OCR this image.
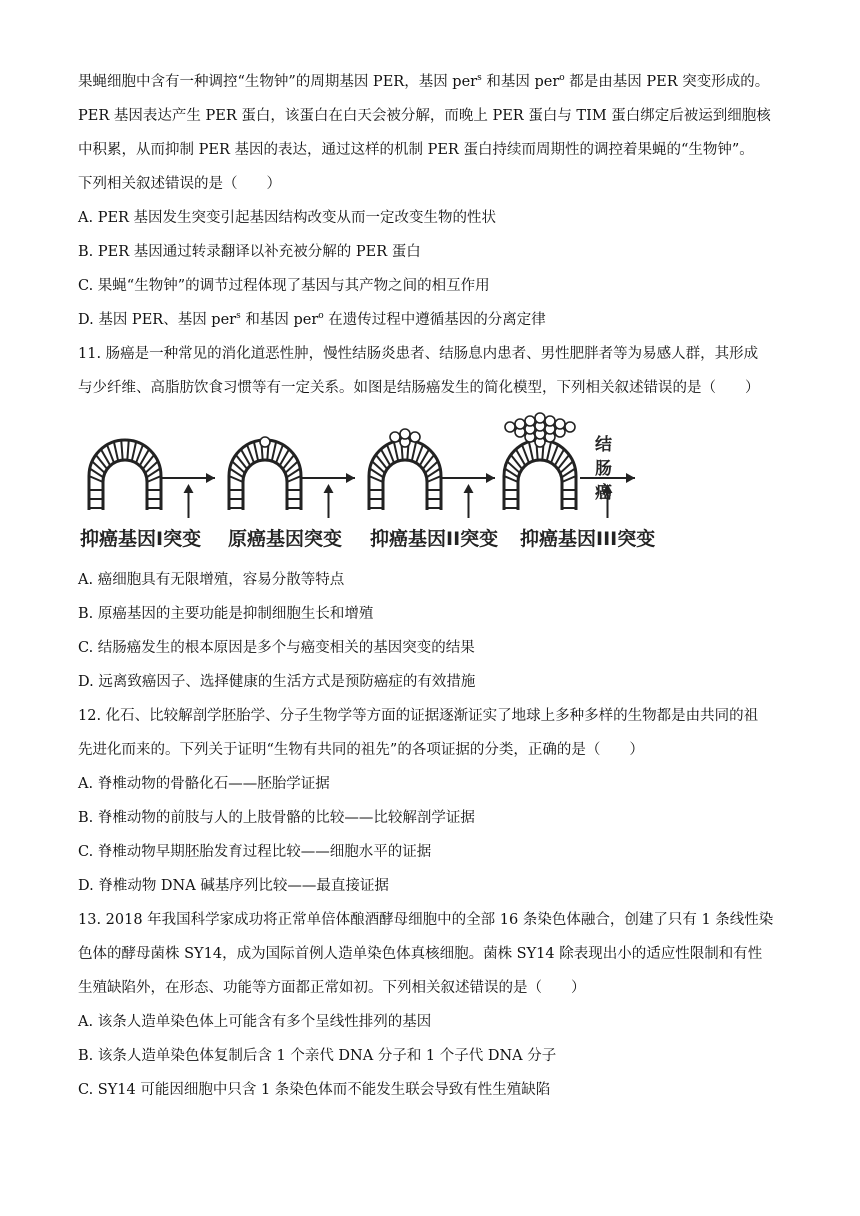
果蝇细胞中含有一种调控“生物钟”的周期基因 PER，基因 per$^s$ 和基因 per$^o$ 都是由基因 PER 突变形成的。
PER 基因表达产生 PER 蛋白，该蛋白在白天会被分解，而晚上 PER 蛋白与 TIM 蛋白绑定后被运到细胞核
中积累，从而抑制 PER 基因的表达，通过这样的机制 PER 蛋白持续而周期性的调控着果蝇的“生物钟”。
下列相关叙述错误的是（　　）
A. PER 基因发生突变引起基因结构改变从而一定改变生物的性状
B. PER 基因通过转录翻译以补充被分解的 PER 蛋白
C. 果蝇“生物钟”的调节过程体现了基因与其产物之间的相互作用
D. 基因 PER、基因 per$^s$ 和基因 per$^o$ 在遗传过程中遵循基因的分离定律
11. 肠癌是一种常见的消化道恶性肿，慢性结肠炎患者、结肠息内患者、男性肥胖者等为易感人群，其形成
与少纤维、高脂肪饮食习惯等有一定关系。如图是结肠癌发生的简化模型，下列相关叙述错误的是（　　）
结
肠
癌
抑癌基因I突变 原癌基因突变 抑癌基因II突变 抑癌基因III突变
A. 癌细胞具有无限增殖，容易分散等特点
B. 原癌基因的主要功能是抑制细胞生长和增殖
C. 结肠癌发生的根本原因是多个与癌变相关的基因突变的结果
D. 远离致癌因子、选择健康的生活方式是预防癌症的有效措施
12. 化石、比较解剖学胚胎学、分子生物学等方面的证据逐渐证实了地球上多种多样的生物都是由共同的祖
先进化而来的。下列关于证明“生物有共同的祖先”的各项证据的分类，正确的是（　　）
A. 脊椎动物的骨骼化石——胚胎学证据
B. 脊椎动物的前肢与人的上肢骨骼的比较——比较解剖学证据
C. 脊椎动物早期胚胎发育过程比较——细胞水平的证据
D. 脊椎动物 DNA 碱基序列比较——最直接证据
13. 2018 年我国科学家成功将正常单倍体酿酒酵母细胞中的全部 16 条染色体融合，创建了只有 1 条线性染
色体的酵母菌株 SY14，成为国际首例人造单染色体真核细胞。菌株 SY14 除表现出小的适应性限制和有性
生殖缺陷外，在形态、功能等方面都正常如初。下列相关叙述错误的是（　　）
A. 该条人造单染色体上可能含有多个呈线性排列的基因
B. 该条人造单染色体复制后含 1 个亲代 DNA 分子和 1 个子代 DNA 分子
C. SY14 可能因细胞中只含 1 条染色体而不能发生联会导致有性生殖缺陷
